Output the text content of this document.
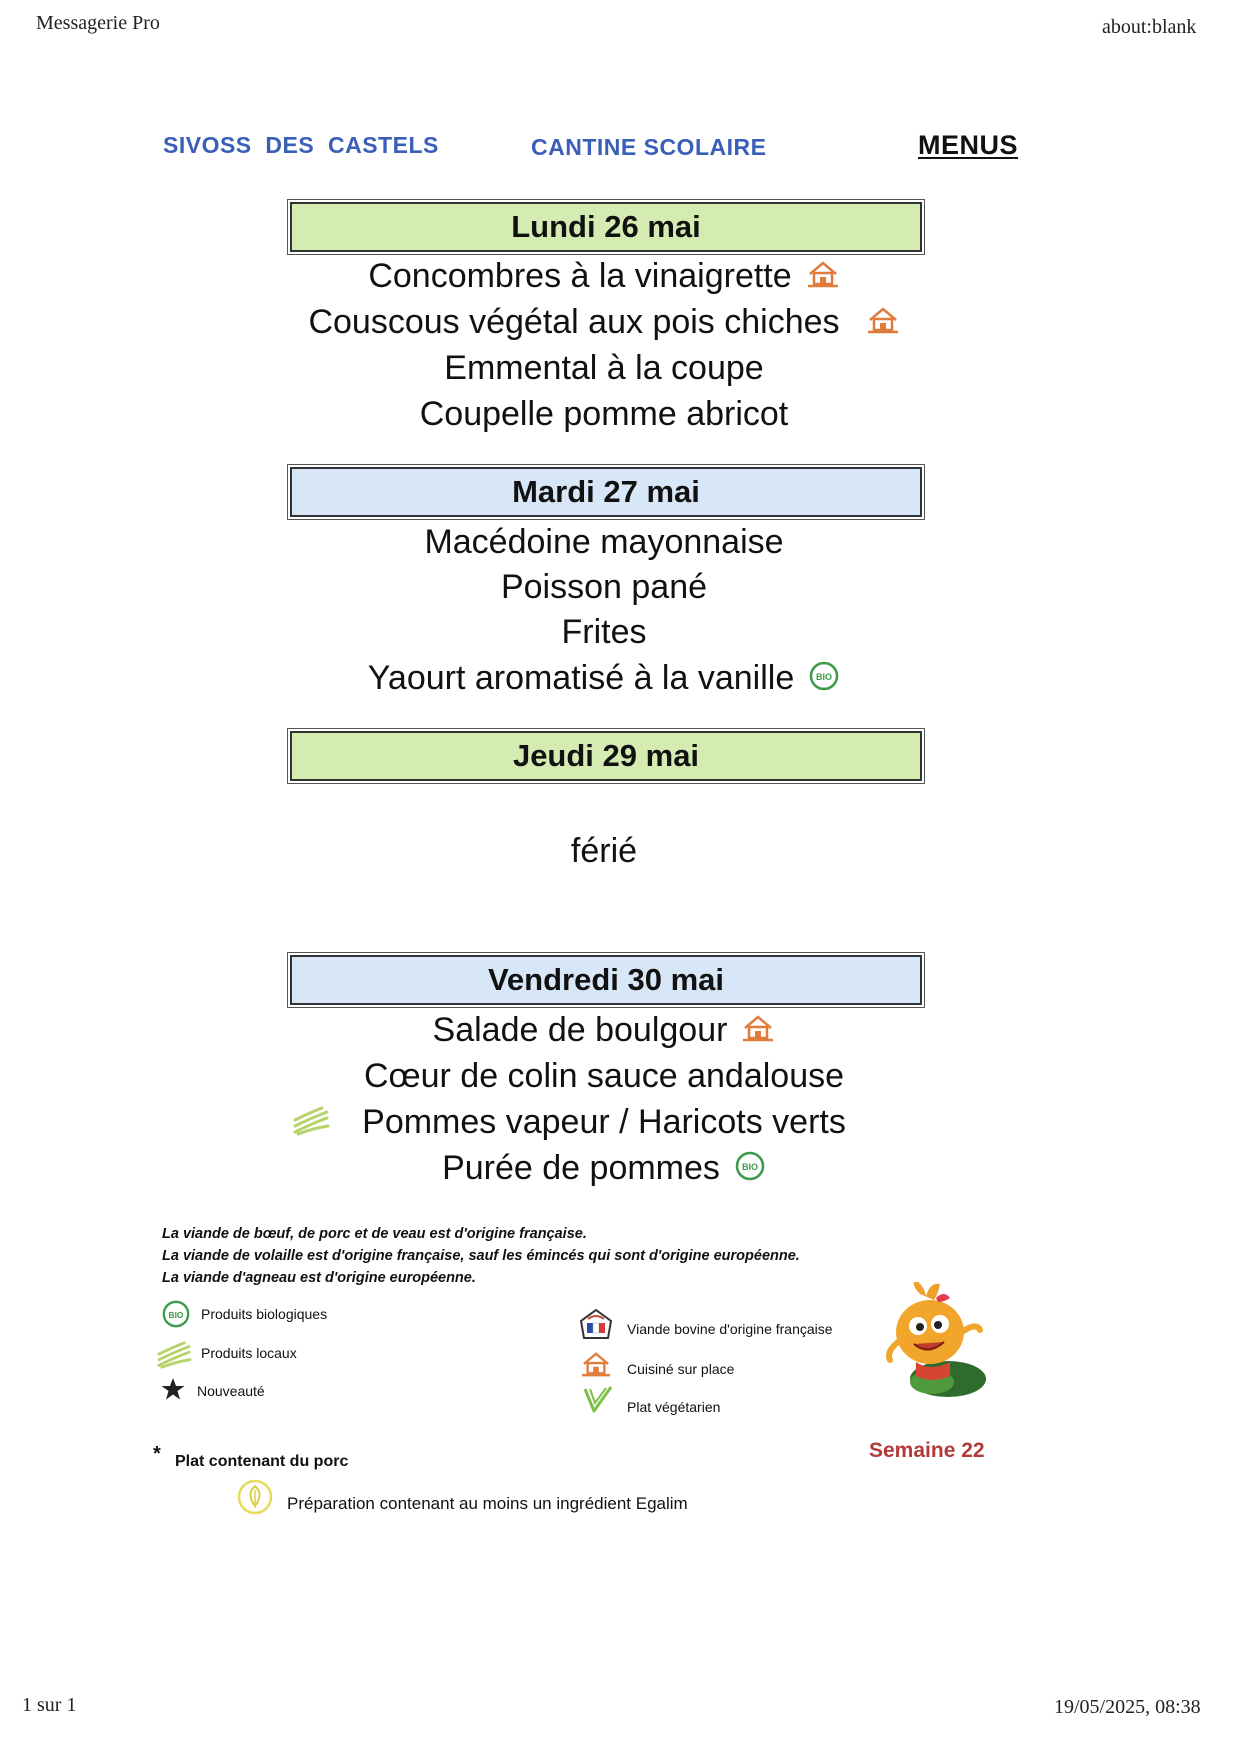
Messagerie Pro	about:blank
1 sur 1	19/05/2025, 08:38
SIVOSS  DES  CASTELS	CANTINE SCOLAIRE	MENUS
Lundi 26 mai
Concombres à la vinaigrette
Couscous végétal aux pois chiches
Emmental à la coupe
Coupelle pomme abricot
Mardi 27 mai
Macédoine mayonnaise
Poisson pané
Frites
Yaourt aromatisé à la vanille BIO
Jeudi 29 mai
férié
Vendredi 30 mai
Salade de boulgour
Cœur de colin sauce andalouse
Pommes vapeur / Haricots verts
Purée de pommes BIO
La viande de bœuf, de porc et de veau est d'origine française.
La viande de volaille est d'origine française, sauf les émincés qui sont d'origine européenne.
La viande d'agneau est d'origine européenne.
BIO Produits biologiques
Produits locaux
Nouveauté
Viande bovine d'origine française
Cuisiné sur place
Plat végétarien
Semaine 22
* Plat contenant du porc
Préparation contenant au moins un ingrédient Egalim
